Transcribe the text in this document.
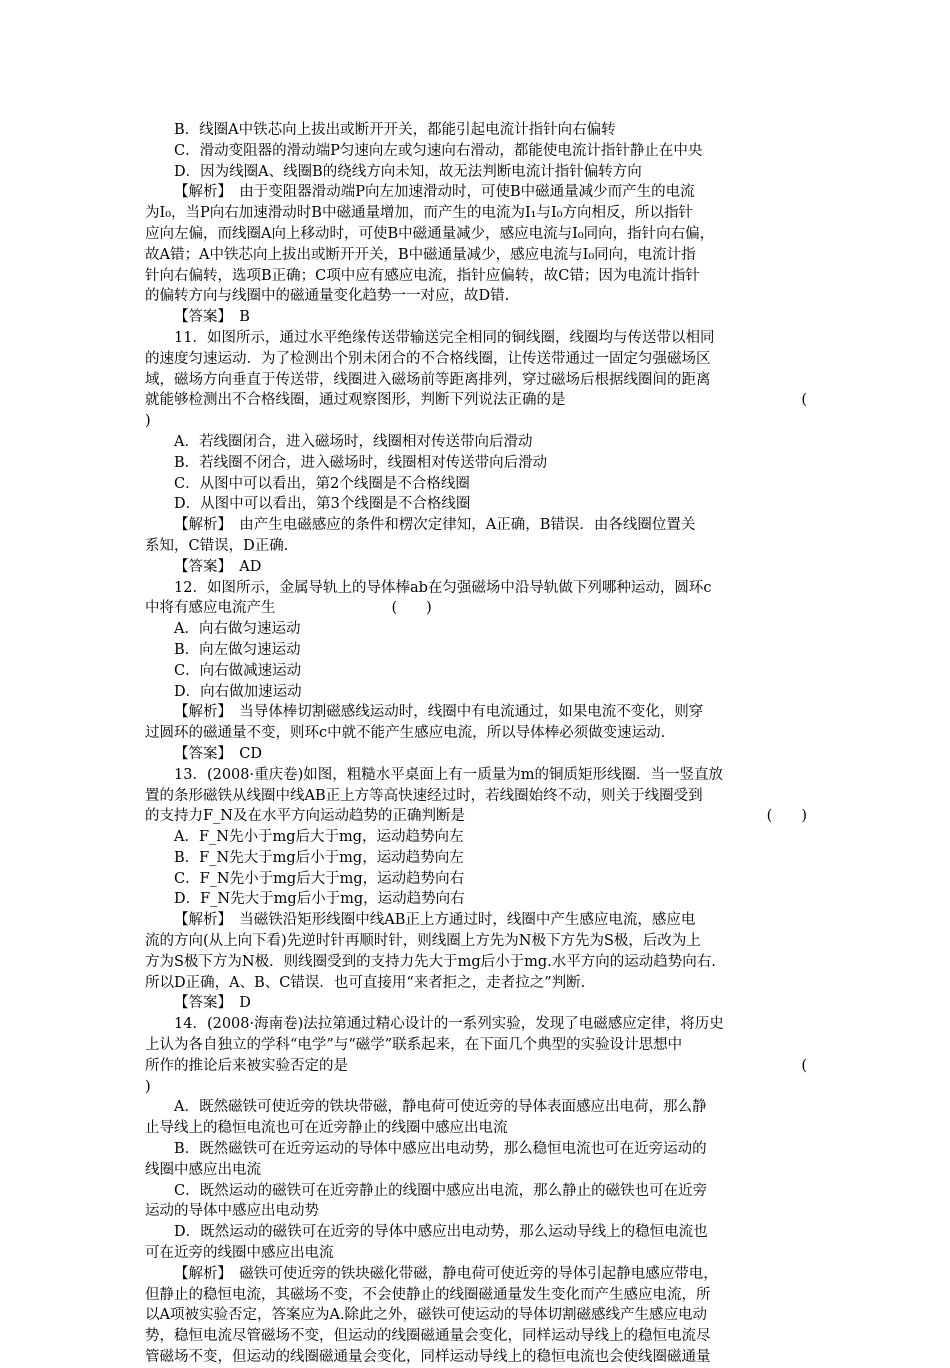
B．线圈A中铁芯向上拔出或断开开关，都能引起电流计指针向右偏转
C．滑动变阻器的滑动端P匀速向左或匀速向右滑动，都能使电流计指针静止在中央
D．因为线圈A、线圈B的绕线方向未知，故无法判断电流计指针偏转方向
【解析】　由于变阻器滑动端P向左加速滑动时，可使B中磁通量减少而产生的电流
为I₀，当P向右加速滑动时B中磁通量增加，而产生的电流为I₁与I₀方向相反，所以指针
应向左偏，而线圈A向上移动时，可使B中磁通量减少，感应电流与I₀同向，指针向右偏，
故A错；A中铁芯向上拔出或断开开关，B中磁通量减少，感应电流与I₀同向，电流计指
针向右偏转，选项B正确；C项中应有感应电流，指针应偏转，故C错；因为电流计指针
的偏转方向与线圈中的磁通量变化趋势一一对应，故D错.
【答案】　B
11．如图所示，通过水平绝缘传送带输送完全相同的铜线圈，线圈均与传送带以相同
的速度匀速运动．为了检测出个别未闭合的不合格线圈，让传送带通过一固定匀强磁场区
域，磁场方向垂直于传送带，线圈进入磁场前等距离排列，穿过磁场后根据线圈间的距离
就能够检测出不合格线圈，通过观察图形，判断下列说法正确的是	(
)
A．若线圈闭合，进入磁场时，线圈相对传送带向后滑动
B．若线圈不闭合，进入磁场时，线圈相对传送带向后滑动
C．从图中可以看出，第2个线圈是不合格线圈
D．从图中可以看出，第3个线圈是不合格线圈
【解析】　由产生电磁感应的条件和楞次定律知，A正确，B错误．由各线圈位置关
系知，C错误，D正确.
【答案】　AD
12．如图所示，金属导轨上的导体棒ab在匀强磁场中沿导轨做下列哪种运动，圆环c
中将有感应电流产生　　　　　　　　(　　)
A．向右做匀速运动
B．向左做匀速运动
C．向右做减速运动
D．向右做加速运动
【解析】　当导体棒切割磁感线运动时，线圈中有电流通过，如果电流不变化，则穿
过圆环的磁通量不变，则环c中就不能产生感应电流，所以导体棒必须做变速运动.
【答案】　CD
13．(2008·重庆卷)如图，粗糙水平桌面上有一质量为m的铜质矩形线圈．当一竖直放
置的条形磁铁从线圈中线AB正上方等高快速经过时，若线圈始终不动，则关于线圈受到
的支持力F_N及在水平方向运动趋势的正确判断是	(　　)
A．F_N先小于mg后大于mg，运动趋势向左
B．F_N先大于mg后小于mg，运动趋势向左
C．F_N先小于mg后大于mg，运动趋势向右
D．F_N先大于mg后小于mg，运动趋势向右
【解析】　当磁铁沿矩形线圈中线AB正上方通过时，线圈中产生感应电流，感应电
流的方向(从上向下看)先逆时针再顺时针，则线圈上方先为N极下方先为S极，后改为上
方为S极下方为N极．则线圈受到的支持力先大于mg后小于mg.水平方向的运动趋势向右.
所以D正确，A、B、C错误．也可直接用“来者拒之，走者拉之”判断.
【答案】　D
14．(2008·海南卷)法拉第通过精心设计的一系列实验，发现了电磁感应定律，将历史
上认为各自独立的学科“电学”与“磁学”联系起来，在下面几个典型的实验设计思想中
所作的推论后来被实验否定的是	(
)
A．既然磁铁可使近旁的铁块带磁，静电荷可使近旁的导体表面感应出电荷，那么静
止导线上的稳恒电流也可在近旁静止的线圈中感应出电流
B．既然磁铁可在近旁运动的导体中感应出电动势，那么稳恒电流也可在近旁运动的
线圈中感应出电流
C．既然运动的磁铁可在近旁静止的线圈中感应出电流，那么静止的磁铁也可在近旁
运动的导体中感应出电动势
D．既然运动的磁铁可在近旁的导体中感应出电动势，那么运动导线上的稳恒电流也
可在近旁的线圈中感应出电流
【解析】　磁铁可使近旁的铁块磁化带磁，静电荷可使近旁的导体引起静电感应带电，
但静止的稳恒电流，其磁场不变，不会使静止的线圈磁通量发生变化而产生感应电流，所
以A项被实验否定，答案应为A.除此之外，磁铁可使运动的导体切割磁感线产生感应电动
势，稳恒电流尽管磁场不变，但运动的线圈磁通量会变化，同样运动导线上的稳恒电流尽
管磁场不变，但运动的线圈磁通量会变化，同样运动导线上的稳恒电流也会使线圈磁通量
